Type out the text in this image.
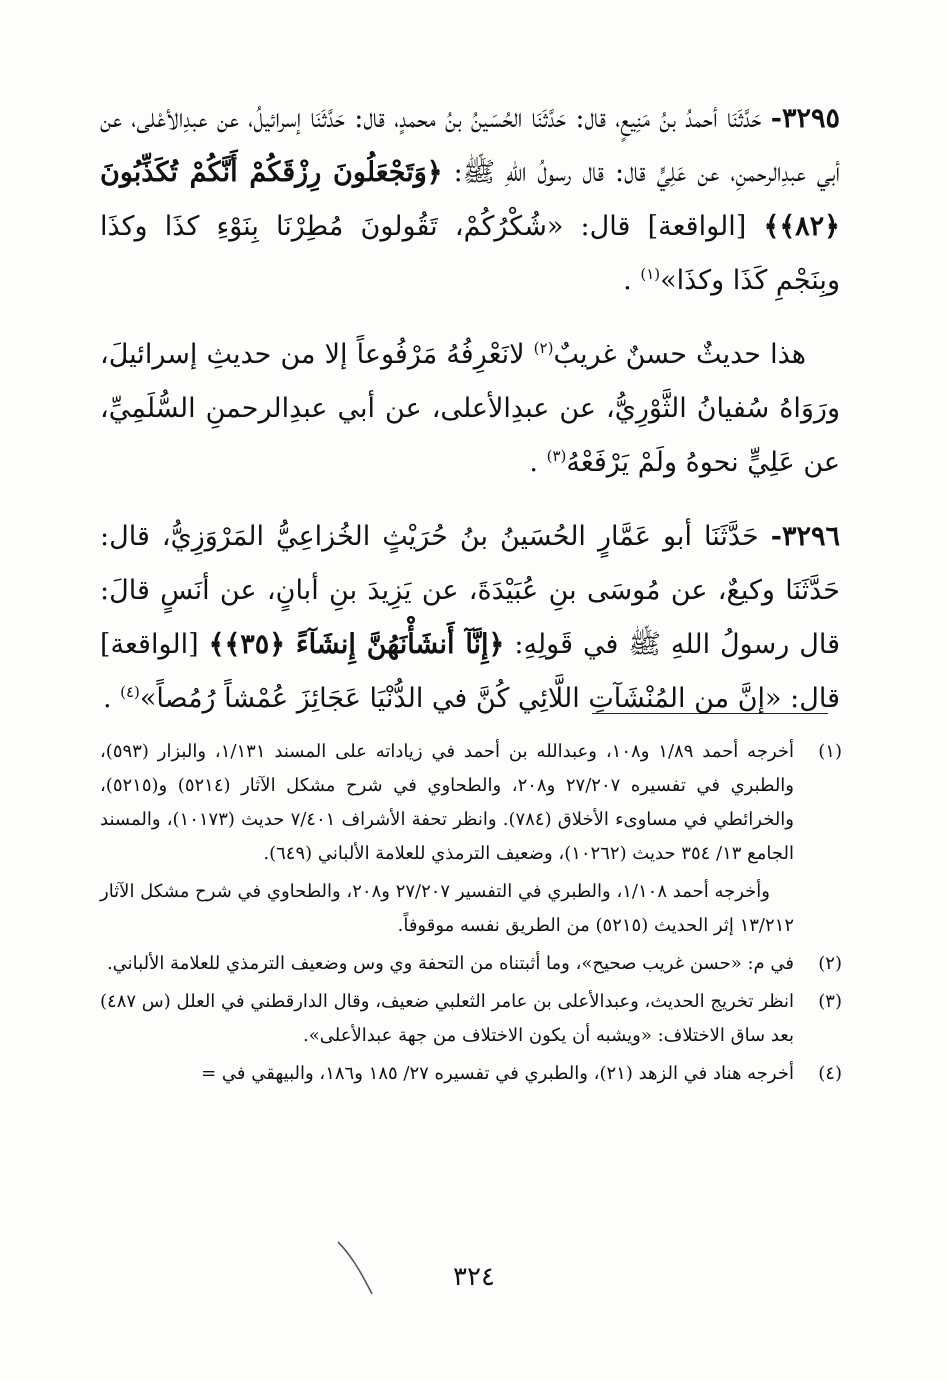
٣٢٩٥- حَدَّثَنَا أحمدُ بنُ مَنِيعٍ، قال: حَدَّثَنَا الحُسَينُ بنُ محمدٍ، قال: حَدَّثَنَا إسرائيلُ، عن عبدِالأعْلى، عن أبي عبدِالرحمنِ، عن عَلِيٍّ قال: قال رسولُ اللهِ ﷺ: ﴿وَتَجْعَلُونَ رِزْقَكُمْ أَنَّكُمْ تُكَذِّبُونَ ﴿٨٢﴾﴾ [الواقعة] قال: «شُكْرُكُمْ، تَقُولونَ مُطِرْنَا بِنَوْءِ كذَا وكذَا وبِنَجْمِ كَذَا وكذَا»$^{(١)}$ .

هذا حديثٌ حسنٌ غريبٌ$^{(٢)}$ لانَعْرِفُهُ مَرْفُوعاً إلا من حديثِ إسرائيلَ، ورَوَاهُ سُفيانُ الثَّوْرِيُّ، عن عبدِالأعلى، عن أبي عبدِالرحمنِ السُّلَمِيِّ، عن عَلِيٍّ نحوهُ ولَمْ يَرْفَعْهُ$^{(٣)}$ .

٣٢٩٦- حَدَّثَنَا أبو عَمَّارٍ الحُسَينُ بنُ حُرَيْثٍ الخُزاعِيُّ المَرْوَزِيُّ، قال: حَدَّثَنَا وكيعٌ، عن مُوسَى بنِ عُبَيْدَةَ، عن يَزِيدَ بنِ أبانٍ، عن أنَسٍ قالَ: قال رسولُ اللهِ ﷺ في قَولِهِ: ﴿إِنَّآ أَنشَأْنَهُنَّ إِنشَآءً ﴿٣٥﴾﴾ [الواقعة] قال: «إنَّ من المُنْشَآتِ اللَّائِي كُنَّ في الدُّنْيَا عَجَائِزَ عُمْشاً رُمُصاً»$^{(٤)}$ .

(١)
أخرجه أحمد ١/٨٩ و١٠٨، وعبدالله بن أحمد في زياداته على المسند ١/١٣١، والبزار (٥٩٣)، والطبري في تفسيره ٢٧/٢٠٧ و٢٠٨، والطحاوي في شرح مشكل الآثار (٥٢١٤) و(٥٢١٥)، والخرائطي في مساوىء الأخلاق (٧٨٤). وانظر تحفة الأشراف ٧/٤٠١ حديث (١٠١٧٣)، والمسند الجامع ١٣/ ٣٥٤ حديث (١٠٢٦٢)، وضعيف الترمذي للعلامة الألباني (٦٤٩).
وأخرجه أحمد ١/١٠٨، والطبري في التفسير ٢٧/٢٠٧ و٢٠٨، والطحاوي في شرح مشكل الآثار ١٣/٢١٢ إثر الحديث (٥٢١٥) من الطريق نفسه موقوفاً.
(٢)
في م: «حسن غريب صحيح»، وما أثبتناه من التحفة وي وس وضعيف الترمذي للعلامة الألباني.
(٣)
انظر تخريج الحديث، وعبدالأعلى بن عامر الثعلبي ضعيف، وقال الدارقطني في العلل (س ٤٨٧) بعد ساق الاختلاف: «ويشبه أن يكون الاختلاف من جهة عبدالأعلى».
(٤)
أخرجه هناد في الزهد (٢١)، والطبري في تفسيره ٢٧/ ١٨٥ و١٨٦، والبيهقي في =
٣٢٤
